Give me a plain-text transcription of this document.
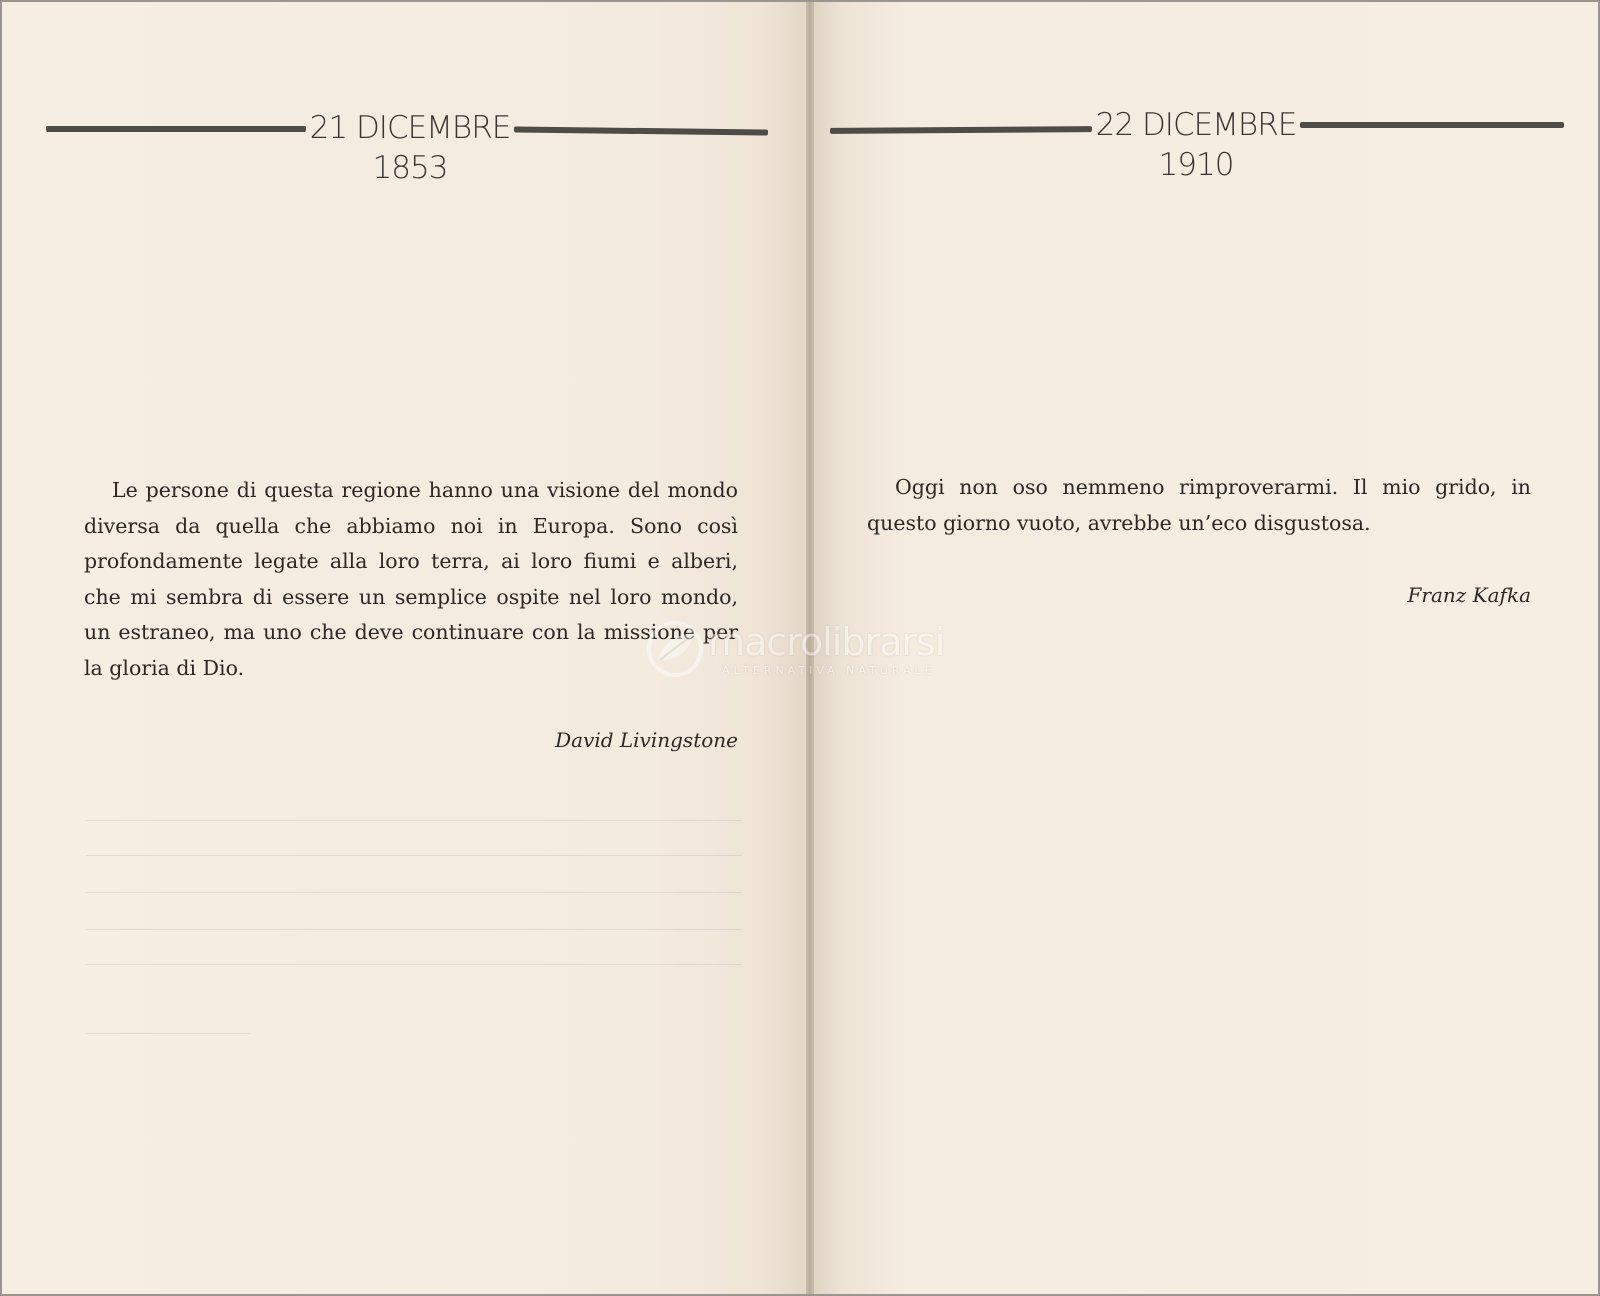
21 DICEMBRE
1853

Le persone di questa regione hanno una visione del mondo diversa da quella che abbiamo noi in Europa. Sono così profondamente legate alla loro terra, ai loro fiumi e alberi, che mi sembra di essere un semplice ospite nel loro mondo, un estraneo, ma uno che deve continuare con la missione per la gloria di Dio.

David Livingstone
22 DICEMBRE
1910

Oggi non oso nemmeno rimproverarmi. Il mio grido, in questo giorno vuoto, avrebbe un’eco disgustosa.

Franz Kafka
macrolibrarsi
ALTERNATIVA NATURALE
